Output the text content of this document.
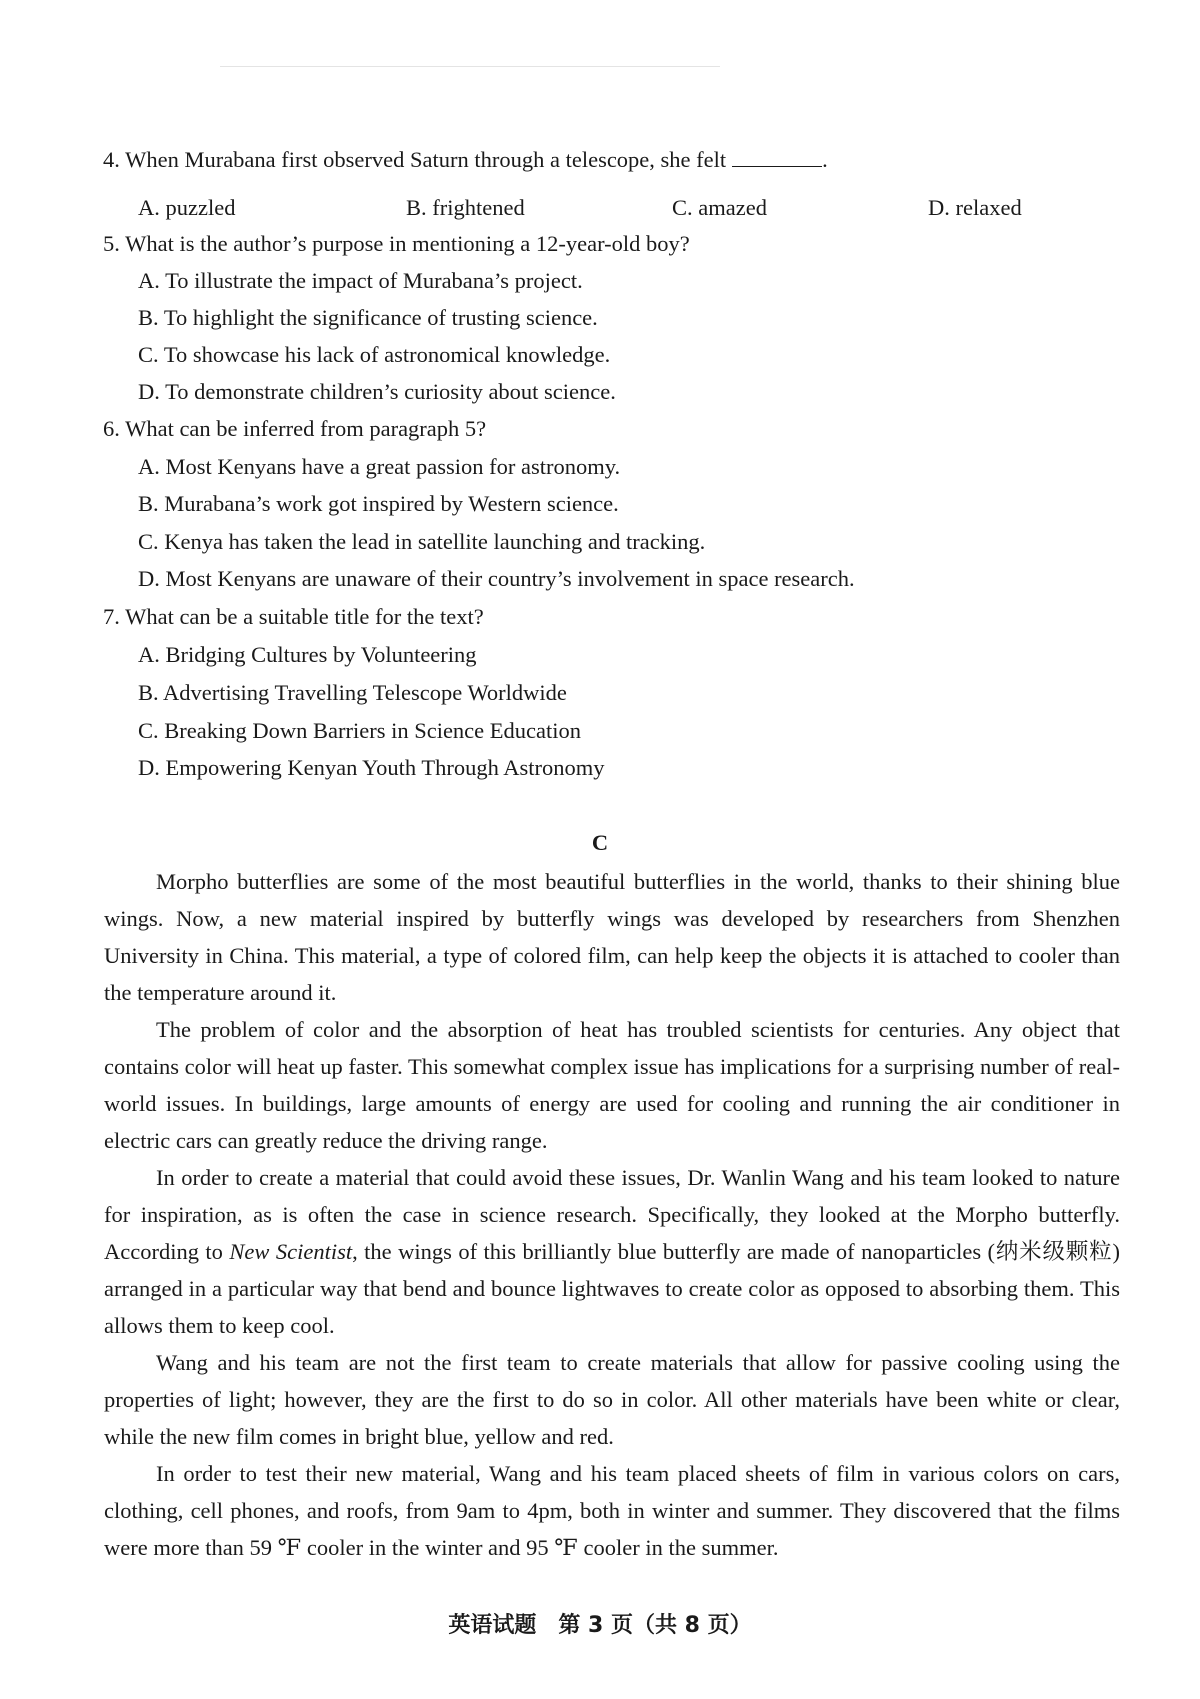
4. When Murabana first observed Saturn through a telescope, she felt	.
A. puzzled	B. frightened	C. amazed	D. relaxed
5. What is the author’s purpose in mentioning a 12-year-old boy?
A. To illustrate the impact of Murabana’s project.
B. To highlight the significance of trusting science.
C. To showcase his lack of astronomical knowledge.
D. To demonstrate children’s curiosity about science.
6. What can be inferred from paragraph 5?
A. Most Kenyans have a great passion for astronomy.
B. Murabana’s work got inspired by Western science.
C. Kenya has taken the lead in satellite launching and tracking.
D. Most Kenyans are unaware of their country’s involvement in space research.
7. What can be a suitable title for the text?
A. Bridging Cultures by Volunteering
B. Advertising Travelling Telescope Worldwide
C. Breaking Down Barriers in Science Education
D. Empowering Kenyan Youth Through Astronomy
C

Morpho butterflies are some of the most beautiful butterflies in the world, thanks to their shining blue wings. Now, a new material inspired by butterfly wings was developed by researchers from Shenzhen University in China. This material, a type of colored film, can help keep the objects it is attached to cooler than the temperature around it.

The problem of color and the absorption of heat has troubled scientists for centuries. Any object that contains color will heat up faster. This somewhat complex issue has implications for a surprising number of real-world issues. In buildings, large amounts of energy are used for cooling and running the air conditioner in electric cars can greatly reduce the driving range.

In order to create a material that could avoid these issues, Dr. Wanlin Wang and his team looked to nature for inspiration, as is often the case in science research. Specifically, they looked at the Morpho butterfly. According to New Scientist, the wings of this brilliantly blue butterfly are made of nanoparticles (纳米级颗粒) arranged in a particular way that bend and bounce lightwaves to create color as opposed to absorbing them. This allows them to keep cool.

Wang and his team are not the first team to create materials that allow for passive cooling using the properties of light; however, they are the first to do so in color. All other materials have been white or clear, while the new film comes in bright blue, yellow and red.

In order to test their new material, Wang and his team placed sheets of film in various colors on cars, clothing, cell phones, and roofs, from 9am to 4pm, both in winter and summer. They discovered that the films were more than 59 ℉ cooler in the winter and 95 ℉ cooler in the summer.

英语试题　第 3 页（共 8 页）
